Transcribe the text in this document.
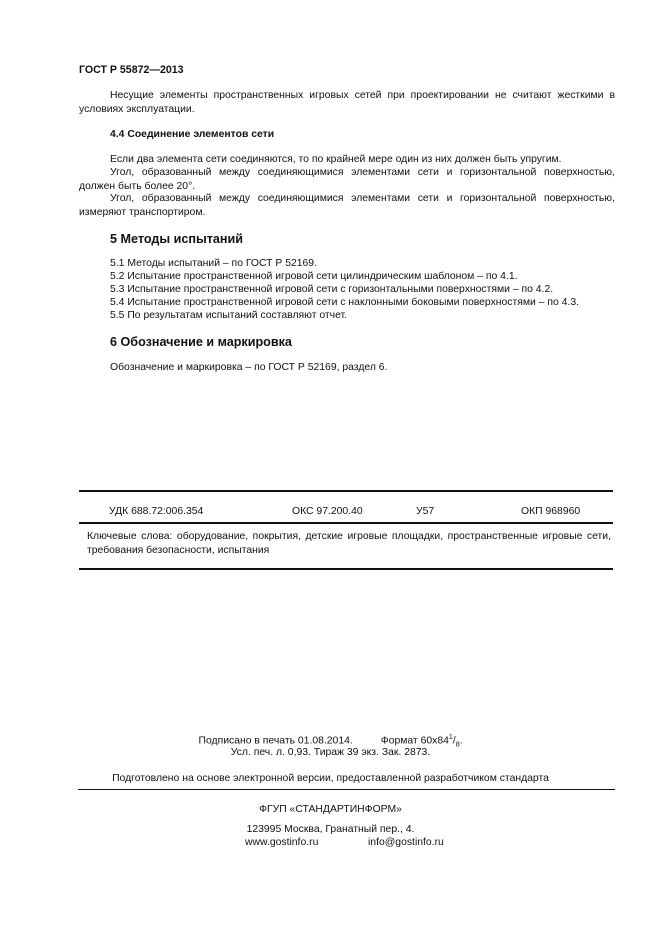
ГОСТ Р 55872—2013
Несущие элементы пространственных игровых сетей при проектировании не считают жесткими в условиях эксплуатации.
4.4 Соединение элементов сети
Если два элемента сети соединяются, то по крайней мере один из них должен быть упругим.
Угол, образованный между соединяющимися элементами сети и горизонтальной поверхностью, должен быть более 20°.
Угол, образованный между соединяющимися элементами сети и горизонтальной поверхностью, измеряют транспортиром.
5 Методы испытаний
5.1 Методы испытаний – по ГОСТ Р 52169.
5.2 Испытание пространственной игровой сети цилиндрическим шаблоном – по 4.1.
5.3 Испытание пространственной игровой сети с горизонтальными поверхностями – по 4.2.
5.4 Испытание пространственной игровой сети с наклонными боковыми поверхностями – по 4.3.
5.5 По результатам испытаний составляют отчет.
6 Обозначение и маркировка
Обозначение и маркировка – по ГОСТ Р 52169, раздел 6.
УДК 688.72:006.354	ОКС 97.200.40	У57	ОКП 968960
Ключевые слова: оборудование, покрытия, детские игровые площадки, пространственные игровые сети, требования безопасности, испытания
Подписано в печать 01.08.2014.	Формат $60x84^1/_8$.
Усл. печ. л. 0,93. Тираж 39 экз. Зак. 2873.
Подготовлено на основе электронной версии, предоставленной разработчиком стандарта
ФГУП «СТАНДАРТИНФОРМ»
123995 Москва, Гранатный пер., 4.
www.gostinfo.ru	info@gostinfo.ru
